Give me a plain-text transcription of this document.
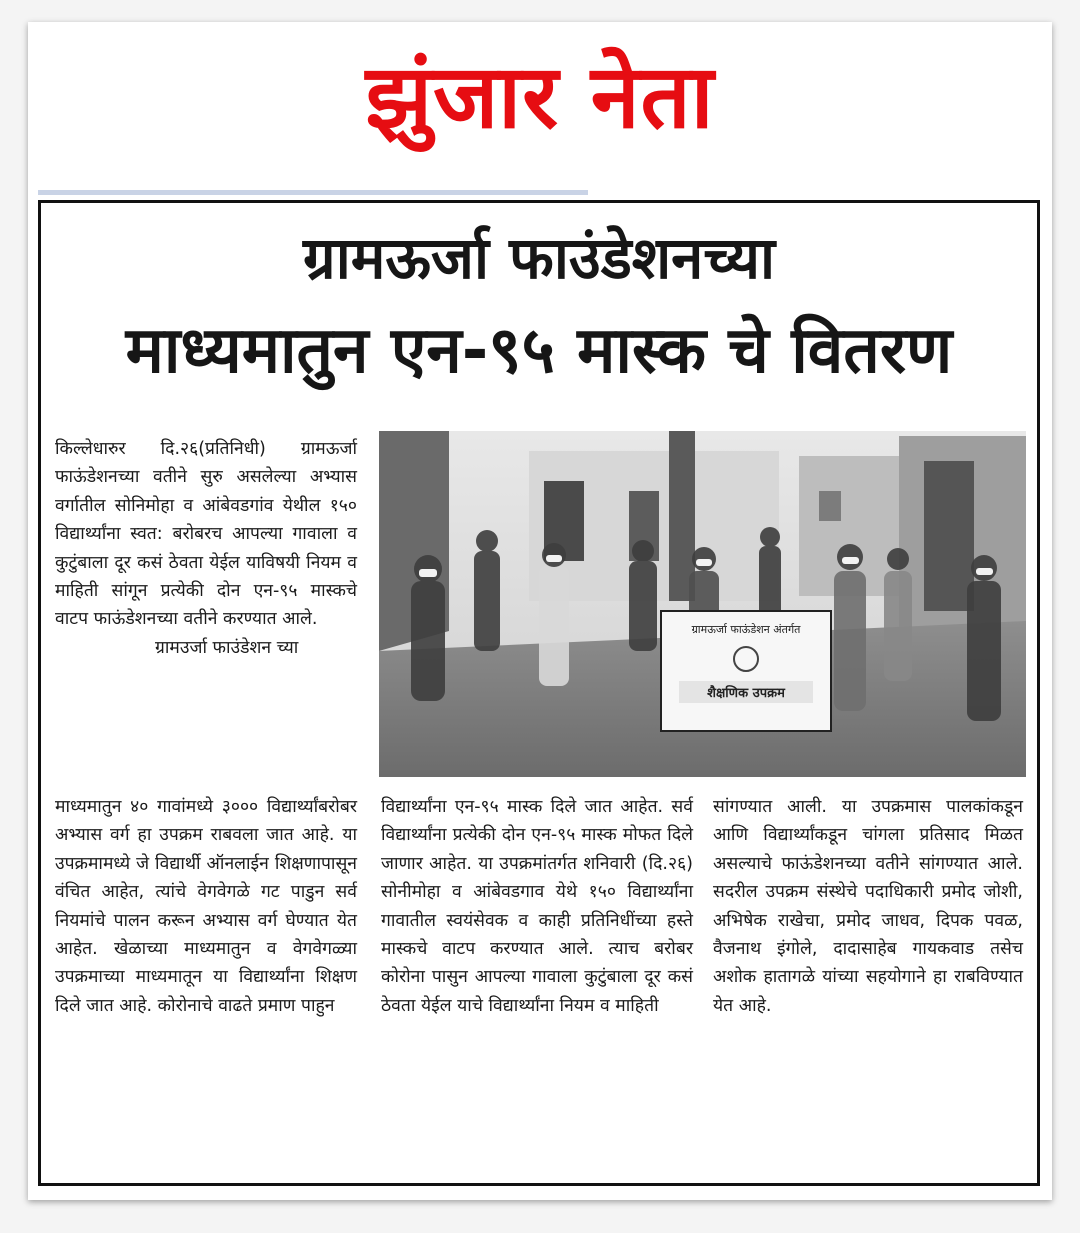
झुंजार नेता
ग्रामऊर्जा फाउंडेशनच्या
माध्यमातुन एन-९५ मास्क चे वितरण

किल्लेधारुर दि.२६(प्रतिनिधी) ग्रामऊर्जा फाऊंडेशनच्या वतीने सुरु असलेल्या अभ्यास वर्गातील सोनिमोहा व आंबेवडगांव येथील १५० विद्यार्थ्यांना स्वत: बरोबरच आपल्या गावाला व कुटुंबाला दूर कसं ठेवता येईल याविषयी नियम व माहिती सांगून प्रत्येकी दोन एन-९५ मास्कचे वाटप फाऊंडेशनच्या वतीने करण्यात आले.

ग्रामउर्जा फाउंडेशन च्या

ग्रामऊर्जा फाऊंडेशन अंतर्गत
शैक्षणिक उपक्रम
माध्यमातुन ४० गावांमध्ये ३००० विद्यार्थ्यांबरोबर अभ्यास वर्ग हा उपक्रम राबवला जात आहे. या उपक्रमामध्ये जे विद्यार्थी ऑनलाईन शिक्षणापासून वंचित आहेत, त्यांचे वेगवेगळे गट पाडुन सर्व नियमांचे पालन करून अभ्यास वर्ग घेण्यात येत आहेत. खेळाच्या माध्यमातुन व वेगवेगळ्या उपक्रमाच्या माध्यमातून या विद्यार्थ्यांना शिक्षण दिले जात आहे. कोरोनाचे वाढते प्रमाण पाहुन
विद्यार्थ्यांना एन-९५ मास्क दिले जात आहेत. सर्व विद्यार्थ्यांना प्रत्येकी दोन एन-९५ मास्क मोफत दिले जाणार आहेत. या उपक्रमांतर्गत शनिवारी (दि.२६) सोनीमोहा व आंबेवडगाव येथे १५० विद्यार्थ्यांना गावातील स्वयंसेवक व काही प्रतिनिधींच्या हस्ते मास्कचे वाटप करण्यात आले. त्याच बरोबर कोरोना पासुन आपल्या गावाला कुटुंबाला दूर कसं ठेवता येईल याचे विद्यार्थ्यांना नियम व माहिती
सांगण्यात आली. या उपक्रमास पालकांकडून आणि विद्यार्थ्यांकडून चांगला प्रतिसाद मिळत असल्याचे फाऊंडेशनच्या वतीने सांगण्यात आले. सदरील उपक्रम संस्थेचे पदाधिकारी प्रमोद जोशी, अभिषेक राखेचा, प्रमोद जाधव, दिपक पवळ, वैजनाथ इंगोले, दादासाहेब गायकवाड तसेच अशोक हातागळे यांच्या सहयोगाने हा राबविण्यात येत आहे.
